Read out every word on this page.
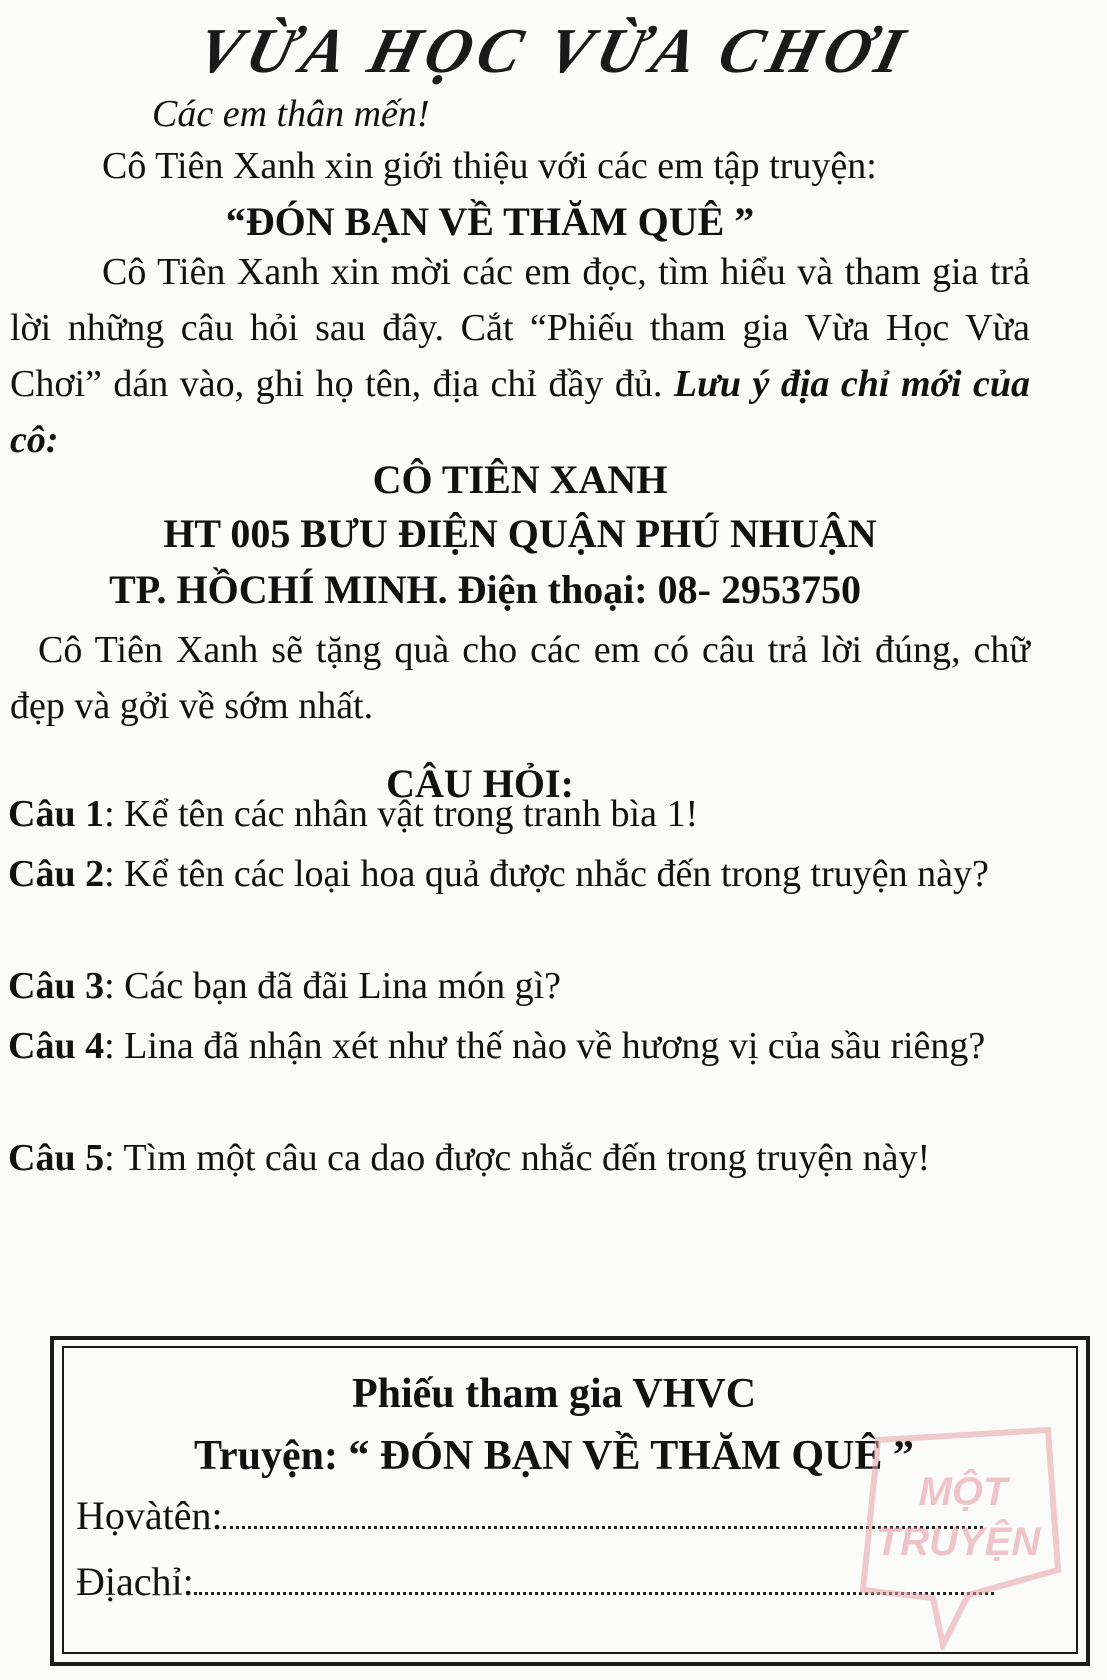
VỪA HỌC VỪA CHƠI
Các em thân mến!
Cô Tiên Xanh xin giới thiệu với các em tập truyện:
“ĐÓN BẠN VỀ THĂM QUÊ ”
Cô Tiên Xanh xin mời các em đọc, tìm hiểu và tham gia trả lời những câu hỏi sau đây. Cắt “Phiếu tham gia Vừa Học Vừa Chơi” dán vào, ghi họ tên, địa chỉ đầy đủ. Lưu ý địa chỉ mới của cô:
CÔ TIÊN XANH
HT 005 BƯU ĐIỆN QUẬN PHÚ NHUẬN
TP. HỒCHÍ MINH. Điện thoại: 08- 2953750
Cô Tiên Xanh sẽ tặng quà cho các em có câu trả lời đúng, chữ đẹp và gởi về sớm nhất.
CÂU HỎI:
Câu 1: Kể tên các nhân vật trong tranh bìa 1!
Câu 2: Kể tên các loại hoa quả được nhắc đến trong truyện này?
Câu 3: Các bạn đã đãi Lina món gì?
Câu 4: Lina đã nhận xét như thế nào về hương vị của sầu riêng?
Câu 5: Tìm một câu ca dao được nhắc đến trong truyện này!
Phiếu tham gia VHVC
Truyện: “ ĐÓN BẠN VỀ THĂM QUÊ ”
Họvàtên:
Địachỉ:
MỘT
TRUYỆN
